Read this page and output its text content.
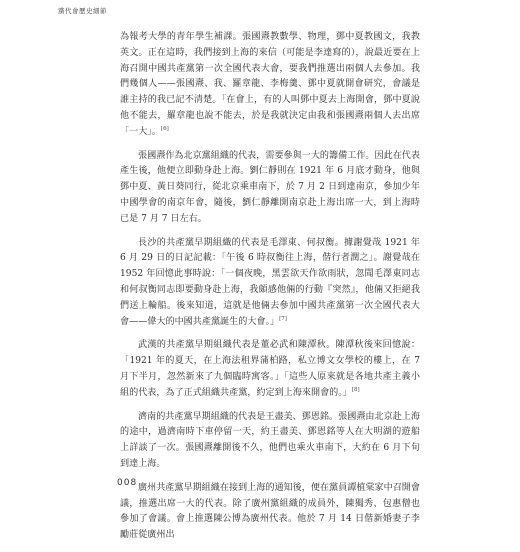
黨代會歷史細節

為報考大學的青年學生補課。張國燾教數學、物理，鄧中夏教國文，我教英文。正在這時，我們接到上海的來信（可能是李達寫的），說最近要在上海召開中國共產黨第一次全國代表大會，要我們推選出兩個人去參加。我們幾個人——張國燾、我、羅章龍、李梅羹、鄧中夏就開會研究，會議是誰主持的我已記不清楚。「在會上，有的人叫鄧中夏去上海開會，鄧中夏說他不能去，羅章龍也說不能去，於是我就決定由我和張國燾兩個人去出席「一大」。[6]

張國燾作為北京黨組織的代表，需要參與一大的籌備工作。因此在代表產生後，他便立即動身赴上海。劉仁靜則在 1921 年 6 月底才動身，他與鄧中夏、黃日葵同行，從北京乘車南下，於 7 月 2 日到達南京，參加少年中國學會的南京年會，隨後，劉仁靜離開南京赴上海出席一大，到上海時已是 7 月 7 日左右。

長沙的共產黨早期組織的代表是毛澤東、何叔衡。據謝覺哉 1921 年 6 月 29 日的日記記載：「午後 6 時叔衡往上海，偕行者潤之」。謝覺哉在 1952 年回憶此事時說：「一個夜晚，黑雲欲天作欲雨狀，忽聞毛澤東同志和何叔衡同志即要動身赴上海，我頗感他倆的行動『突然』，他倆又拒絕我們送上輪船。後來知道，這就是他倆去參加中國共產黨第一次全國代表大會——偉大的中國共產黨誕生的大會。」[7]

武漢的共產黨早期組織代表是董必武和陳潭秋。陳潭秋後來回憶說：「1921 年的夏天，在上海法租界蒲柏路，私立博文女學校的樓上，在 7 月下半月，忽然新來了九個臨時寓客。」「這些人原來就是各地共產主義小組的代表，為了正式組織共產黨，約定到上海來開會的。」[8]

濟南的共產黨早期組織的代表是王盡美、鄧恩銘。張國燾由北京赴上海的途中，過濟南時下車停留一天，約王盡美、鄧恩銘等人在大明湖的遊船上詳談了一次。張國燾離開後不久，他們也乘火車南下，大約在 6 月下旬到達上海。

廣州共產黨早期組織在接到上海的通知後，便在黨員譚植棠家中召開會議，推選出席一大的代表。除了廣州黨組織的成員外，陳獨秀、包惠僧也參加了會議。會上推選陳公博為廣州代表。他於 7 月 14 日偕新婚妻子李勵莊從廣州出

008
